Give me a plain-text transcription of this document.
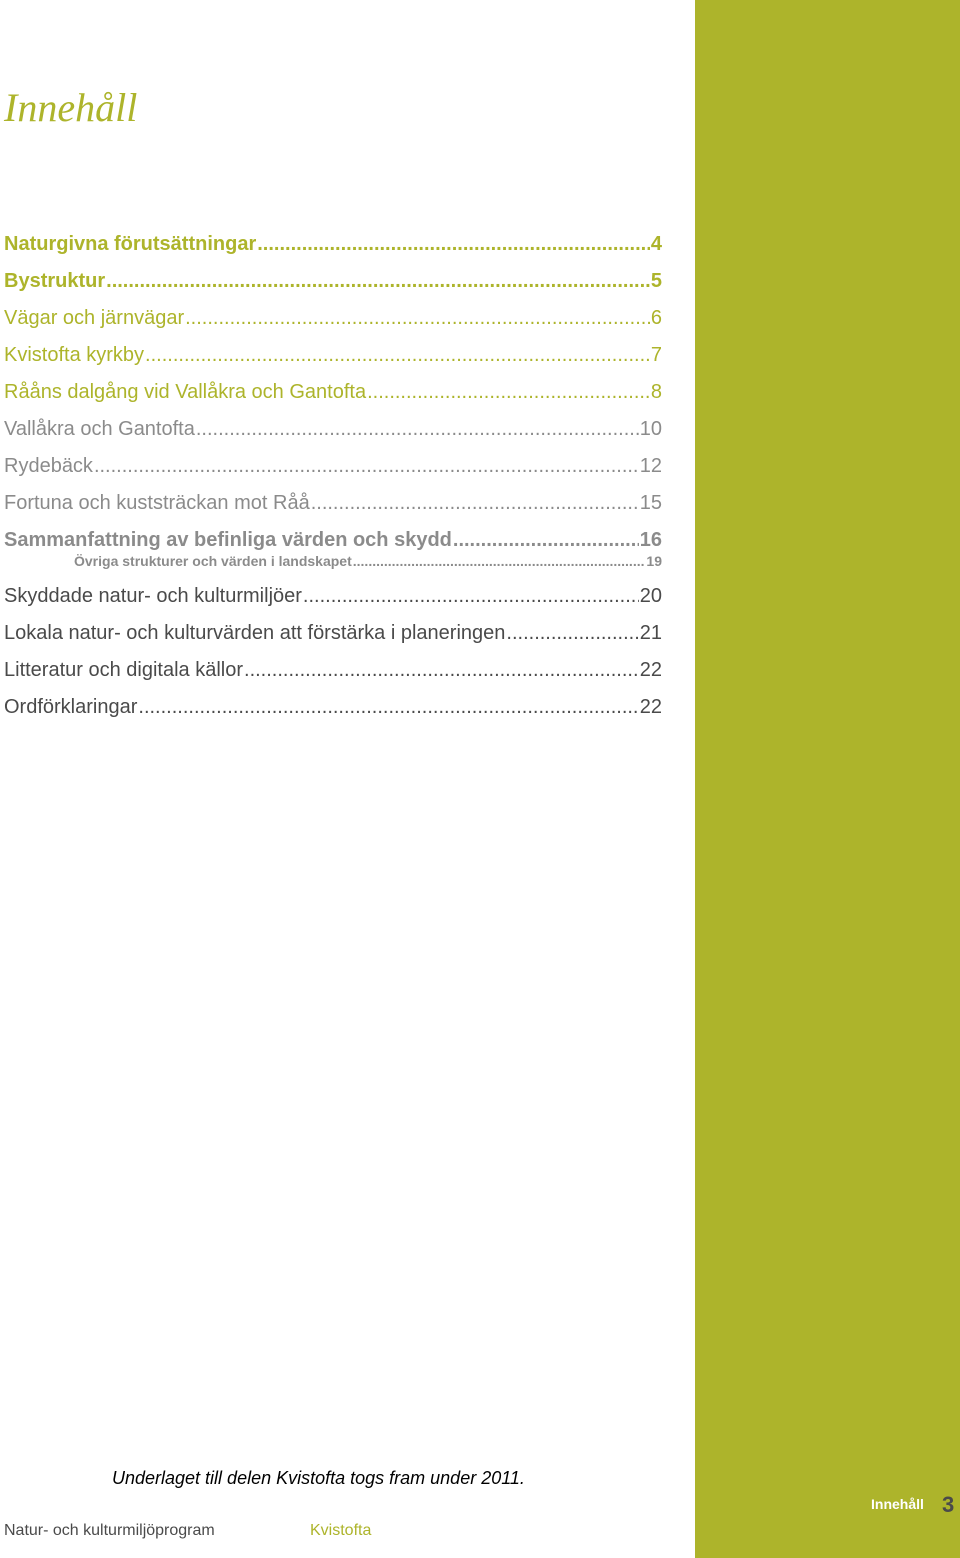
Innehåll
Naturgivna förutsättningar .....	4
Bystruktur .....	5
Vägar och järnvägar .....	6
Kvistofta kyrkby .....	7
Rååns dalgång vid Vallåkra och Gantofta .....	8
Vallåkra och Gantofta .....	10
Rydebäck .....	12
Fortuna och kuststräckan mot Råå .....	15
Sammanfattning av befinliga värden och skydd .....	16
Övriga strukturer och värden i landskapet .....	19
Skyddade natur- och kulturmiljöer .....	20
Lokala natur- och kulturvärden att förstärka i planeringen .....	21
Litteratur och digitala källor .....	22
Ordförklaringar .....	22
Underlaget till delen Kvistofta togs fram under 2011.
Natur- och kulturmiljöprogram	Kvistofta
Innehåll 3
